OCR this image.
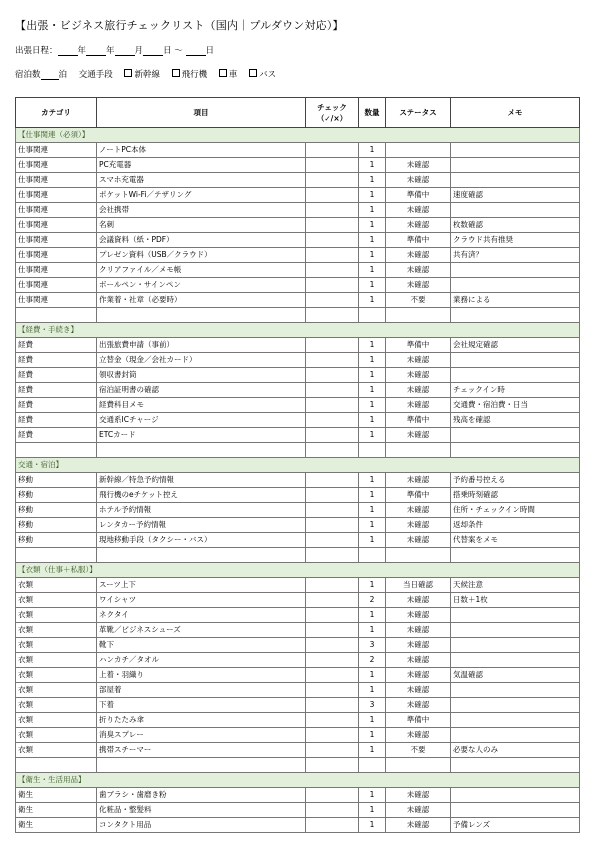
【出張・ビジネス旅行チェックリスト（国内｜プルダウン対応）】
出張日程： 年 年 月 日 〜	日
宿泊数 泊 交通手段	新幹線	飛行機	車	バス
カテゴリ	項目	チェック
（✓/×）	数量	ステータス	メモ
【仕事関連（必須）】					
仕事関連	ノートPC本体		1		
仕事関連	PC充電器		1	未確認	
仕事関連	スマホ充電器		1	未確認	
仕事関連	ポケットWi-Fi／テザリング		1	準備中	速度確認
仕事関連	会社携帯		1	未確認	
仕事関連	名刺		1	未確認	枚数確認
仕事関連	会議資料（紙・PDF）		1	準備中	クラウド共有推奨
仕事関連	プレゼン資料（USB／クラウド）		1	未確認	共有済？
仕事関連	クリアファイル／メモ帳		1	未確認	
仕事関連	ボールペン・サインペン		1	未確認	
仕事関連	作業着・社章（必要時）		1	不要	業務による

【経費・手続き】					
経費	出張旅費申請（事前）		1	準備中	会社規定確認
経費	立替金（現金／会社カード）		1	未確認	
経費	領収書封筒		1	未確認	
経費	宿泊証明書の確認		1	未確認	チェックイン時
経費	経費科目メモ		1	未確認	交通費・宿泊費・日当
経費	交通系ICチャージ		1	準備中	残高を確認
経費	ETCカード		1	未確認	

交通・宿泊】					
移動	新幹線／特急予約情報		1	未確認	予約番号控える
移動	飛行機のeチケット控え		1	準備中	搭乗時刻確認
移動	ホテル予約情報		1	未確認	住所・チェックイン時間
移動	レンタカー予約情報		1	未確認	返却条件
移動	現地移動手段（タクシー・バス）		1	未確認	代替案をメモ

【衣類（仕事＋私服）】					
衣類	スーツ上下		1	当日確認	天候注意
衣類	ワイシャツ		2	未確認	日数＋1枚
衣類	ネクタイ		1	未確認	
衣類	革靴／ビジネスシューズ		1	未確認	
衣類	靴下		3	未確認	
衣類	ハンカチ／タオル		2	未確認	
衣類	上着・羽織り		1	未確認	気温確認
衣類	部屋着		1	未確認	
衣類	下着		3	未確認	
衣類	折りたたみ傘		1	準備中	
衣類	消臭スプレー		1	未確認	
衣類	携帯スチーマー		1	不要	必要な人のみ

【衛生・生活用品】					
衛生	歯ブラシ・歯磨き粉		1	未確認	
衛生	化粧品・整髪料		1	未確認	
衛生	コンタクト用品		1	未確認	予備レンズ
